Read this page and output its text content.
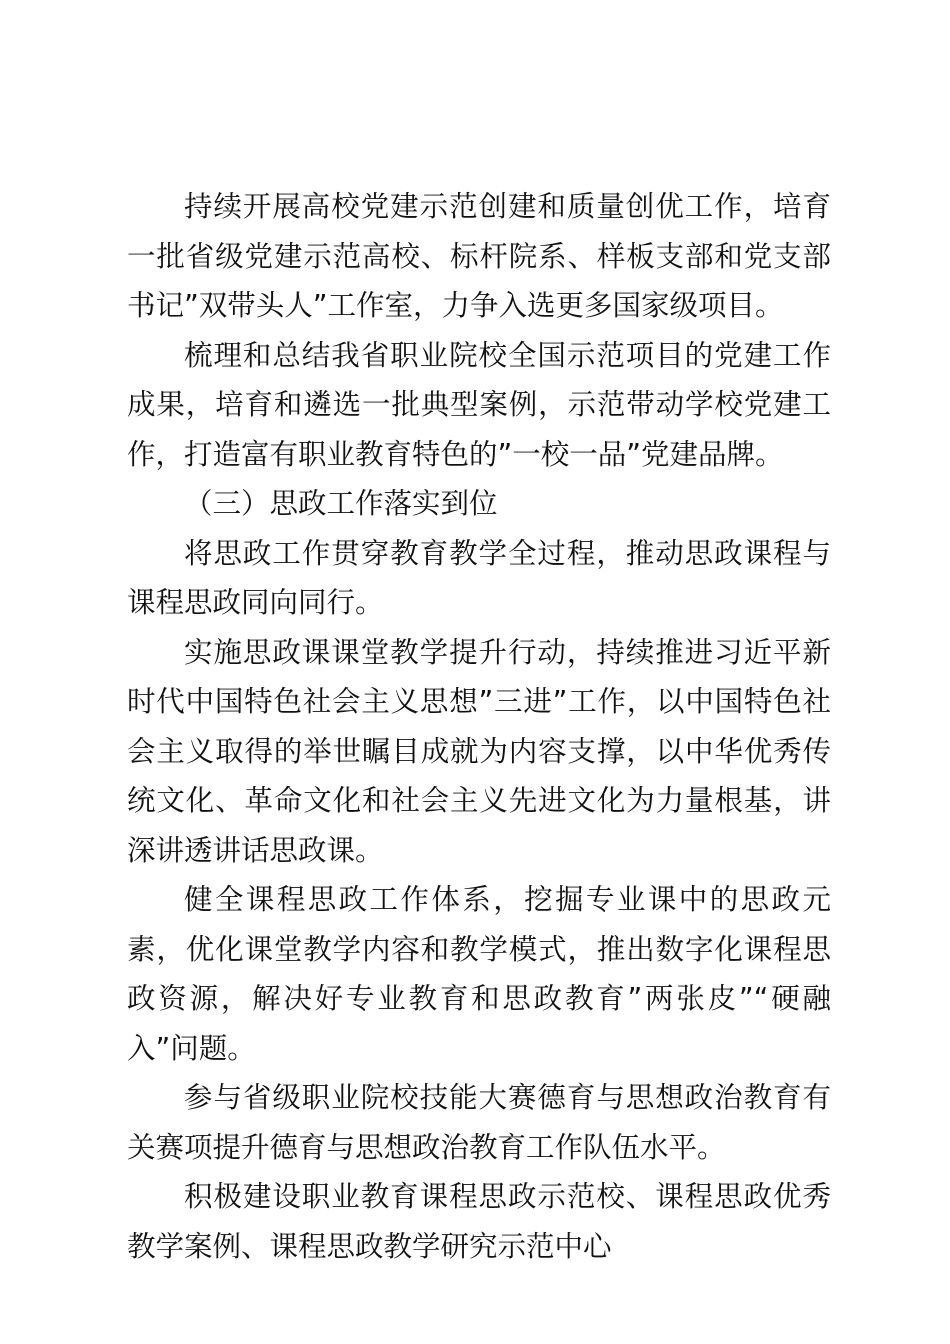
持续开展高校党建示范创建和质量创优工作，培育一批省级党建示范高校、标杆院系、样板支部和党支部书记”双带头人”工作室，力争入选更多国家级项目。

梳理和总结我省职业院校全国示范项目的党建工作成果，培育和遴选一批典型案例，示范带动学校党建工作，打造富有职业教育特色的”一校一品”党建品牌。

（三）思政工作落实到位

将思政工作贯穿教育教学全过程，推动思政课程与课程思政同向同行。

实施思政课课堂教学提升行动，持续推进习近平新时代中国特色社会主义思想”三进”工作，以中国特色社会主义取得的举世瞩目成就为内容支撑，以中华优秀传统文化、革命文化和社会主义先进文化为力量根基，讲深讲透讲话思政课。

健全课程思政工作体系，挖掘专业课中的思政元素，优化课堂教学内容和教学模式，推出数字化课程思政资源，解决好专业教育和思政教育”两张皮”“硬融入”问题。

参与省级职业院校技能大赛德育与思想政治教育有关赛项提升德育与思想政治教育工作队伍水平。

积极建设职业教育课程思政示范校、课程思政优秀教学案例、课程思政教学研究示范中心
